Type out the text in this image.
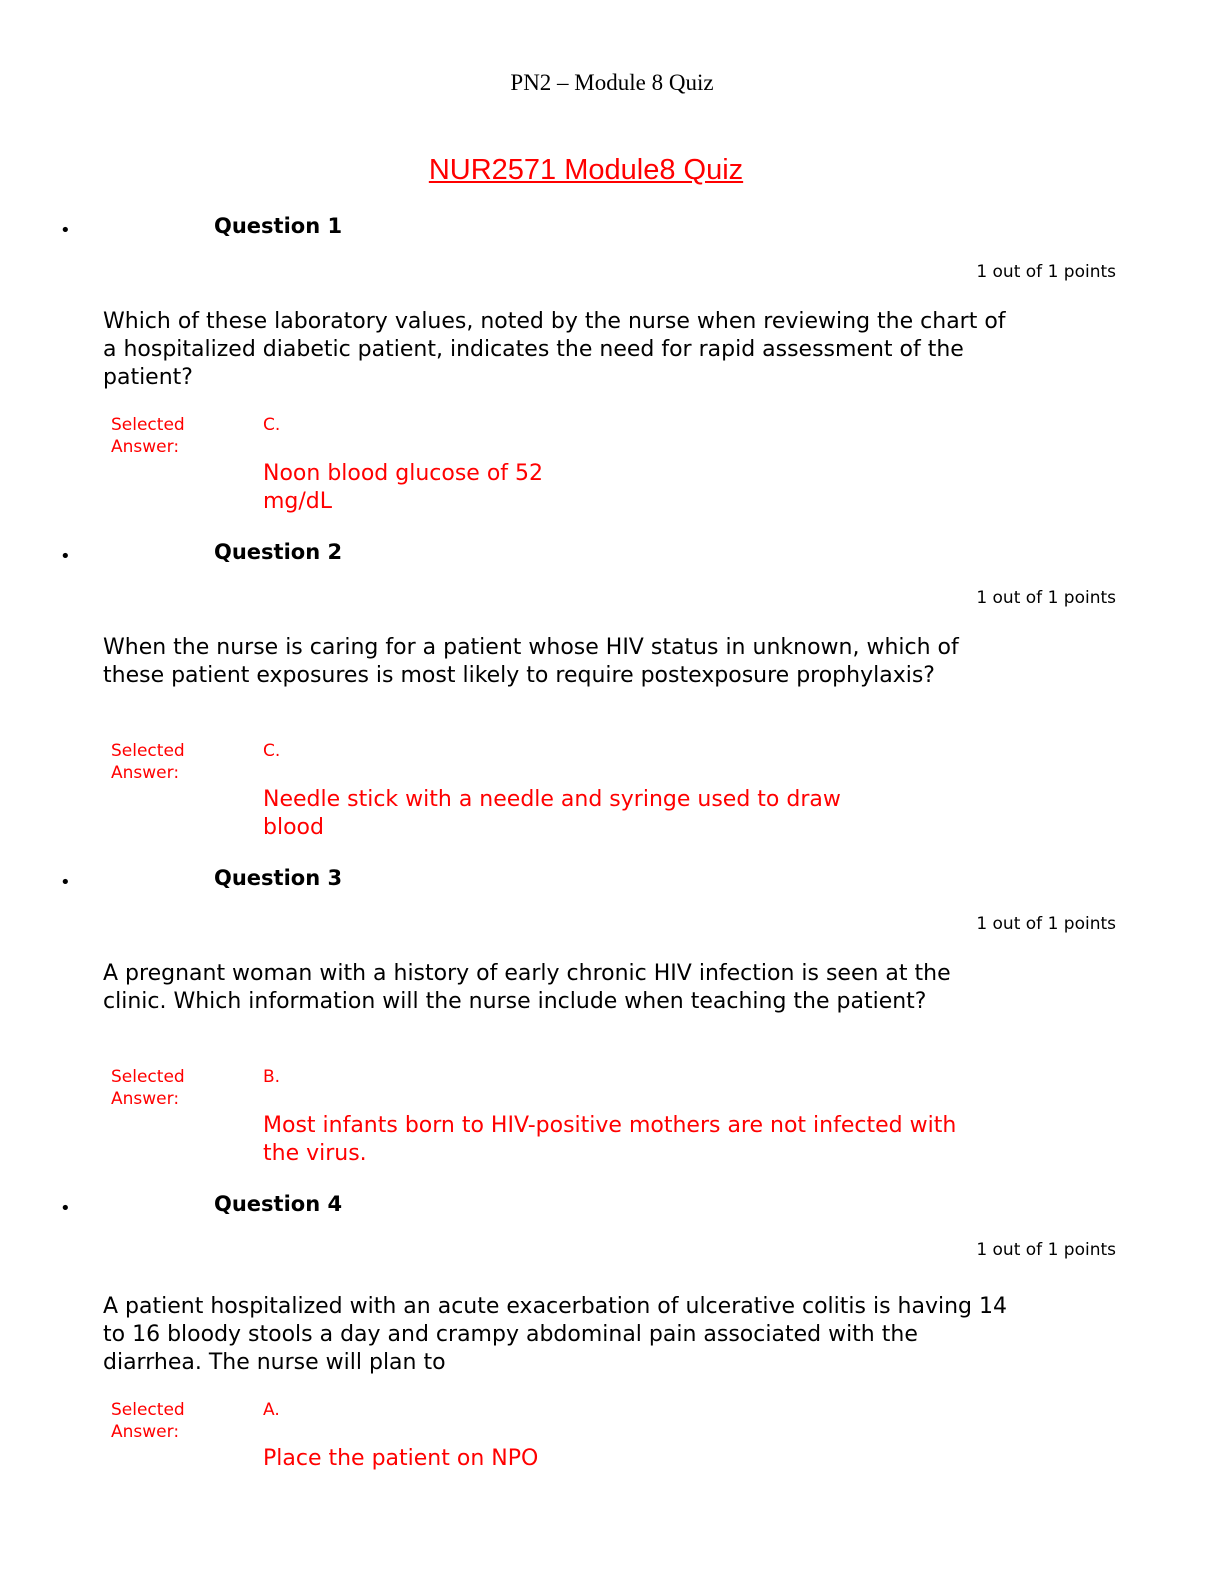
PN2 – Module 8 Quiz
NUR2571 Module8 Quiz
•	Question 1
1 out of 1 points
Which of these laboratory values, noted by the nurse when reviewing the chart of a hospitalized diabetic patient, indicates the need for rapid assessment of the patient?
Selected Answer:
C.
Noon blood glucose of 52 mg/dL
•	Question 2
1 out of 1 points
When the nurse is caring for a patient whose HIV status in unknown, which of these patient exposures is most likely to require postexposure prophylaxis?
Selected Answer:
C.
Needle stick with a needle and syringe used to draw blood
•	Question 3
1 out of 1 points
A pregnant woman with a history of early chronic HIV infection is seen at the clinic. Which information will the nurse include when teaching the patient?
Selected Answer:
B.
Most infants born to HIV-positive mothers are not infected with the virus.
•	Question 4
1 out of 1 points
A patient hospitalized with an acute exacerbation of ulcerative colitis is having 14 to 16 bloody stools a day and crampy abdominal pain associated with the diarrhea. The nurse will plan to
Selected Answer:
A.
Place the patient on NPO
